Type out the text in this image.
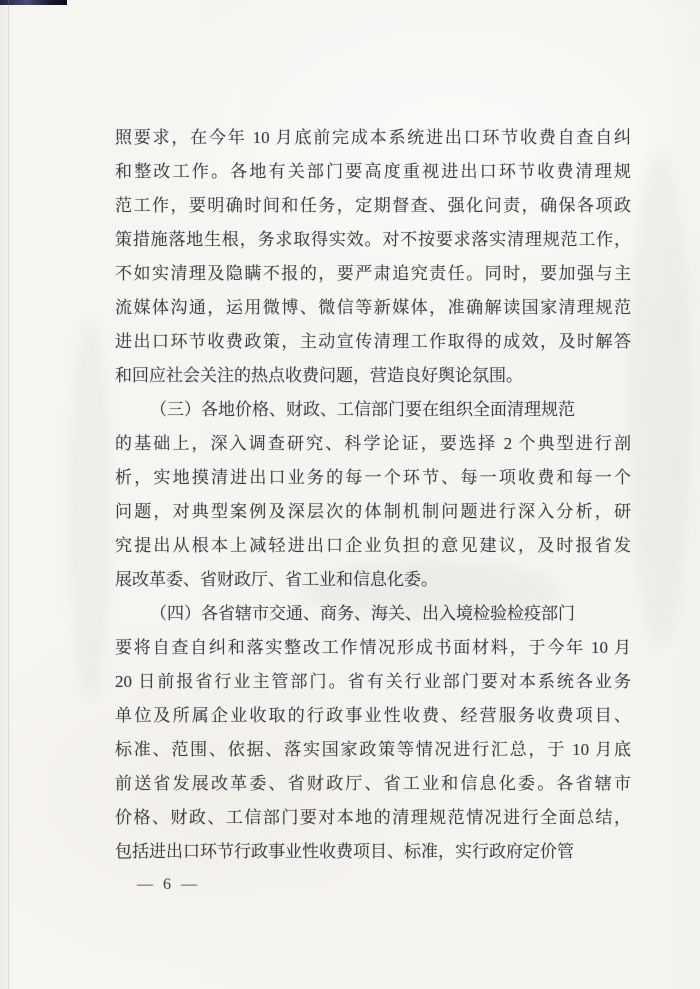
照要求，在今年 10 月底前完成本系统进出口环节收费自查自纠
和整改工作。各地有关部门要高度重视进出口环节收费清理规
范工作，要明确时间和任务，定期督查、强化问责，确保各项政
策措施落地生根，务求取得实效。对不按要求落实清理规范工作，
不如实清理及隐瞒不报的，要严肃追究责任。同时，要加强与主
流媒体沟通，运用微博、微信等新媒体，准确解读国家清理规范
进出口环节收费政策，主动宣传清理工作取得的成效，及时解答
和回应社会关注的热点收费问题，营造良好舆论氛围。
（三）各地价格、财政、工信部门要在组织全面清理规范
的基础上，深入调查研究、科学论证，要选择 2 个典型进行剖
析，实地摸清进出口业务的每一个环节、每一项收费和每一个
问题，对典型案例及深层次的体制机制问题进行深入分析，研
究提出从根本上减轻进出口企业负担的意见建议，及时报省发
展改革委、省财政厅、省工业和信息化委。
（四）各省辖市交通、商务、海关、出入境检验检疫部门
要将自查自纠和落实整改工作情况形成书面材料，于今年 10 月
20 日前报省行业主管部门。省有关行业部门要对本系统各业务
单位及所属企业收取的行政事业性收费、经营服务收费项目、
标准、范围、依据、落实国家政策等情况进行汇总，于 10 月底
前送省发展改革委、省财政厅、省工业和信息化委。各省辖市
价格、财政、工信部门要对本地的清理规范情况进行全面总结，
包括进出口环节行政事业性收费项目、标准，实行政府定价管
— 6 —
